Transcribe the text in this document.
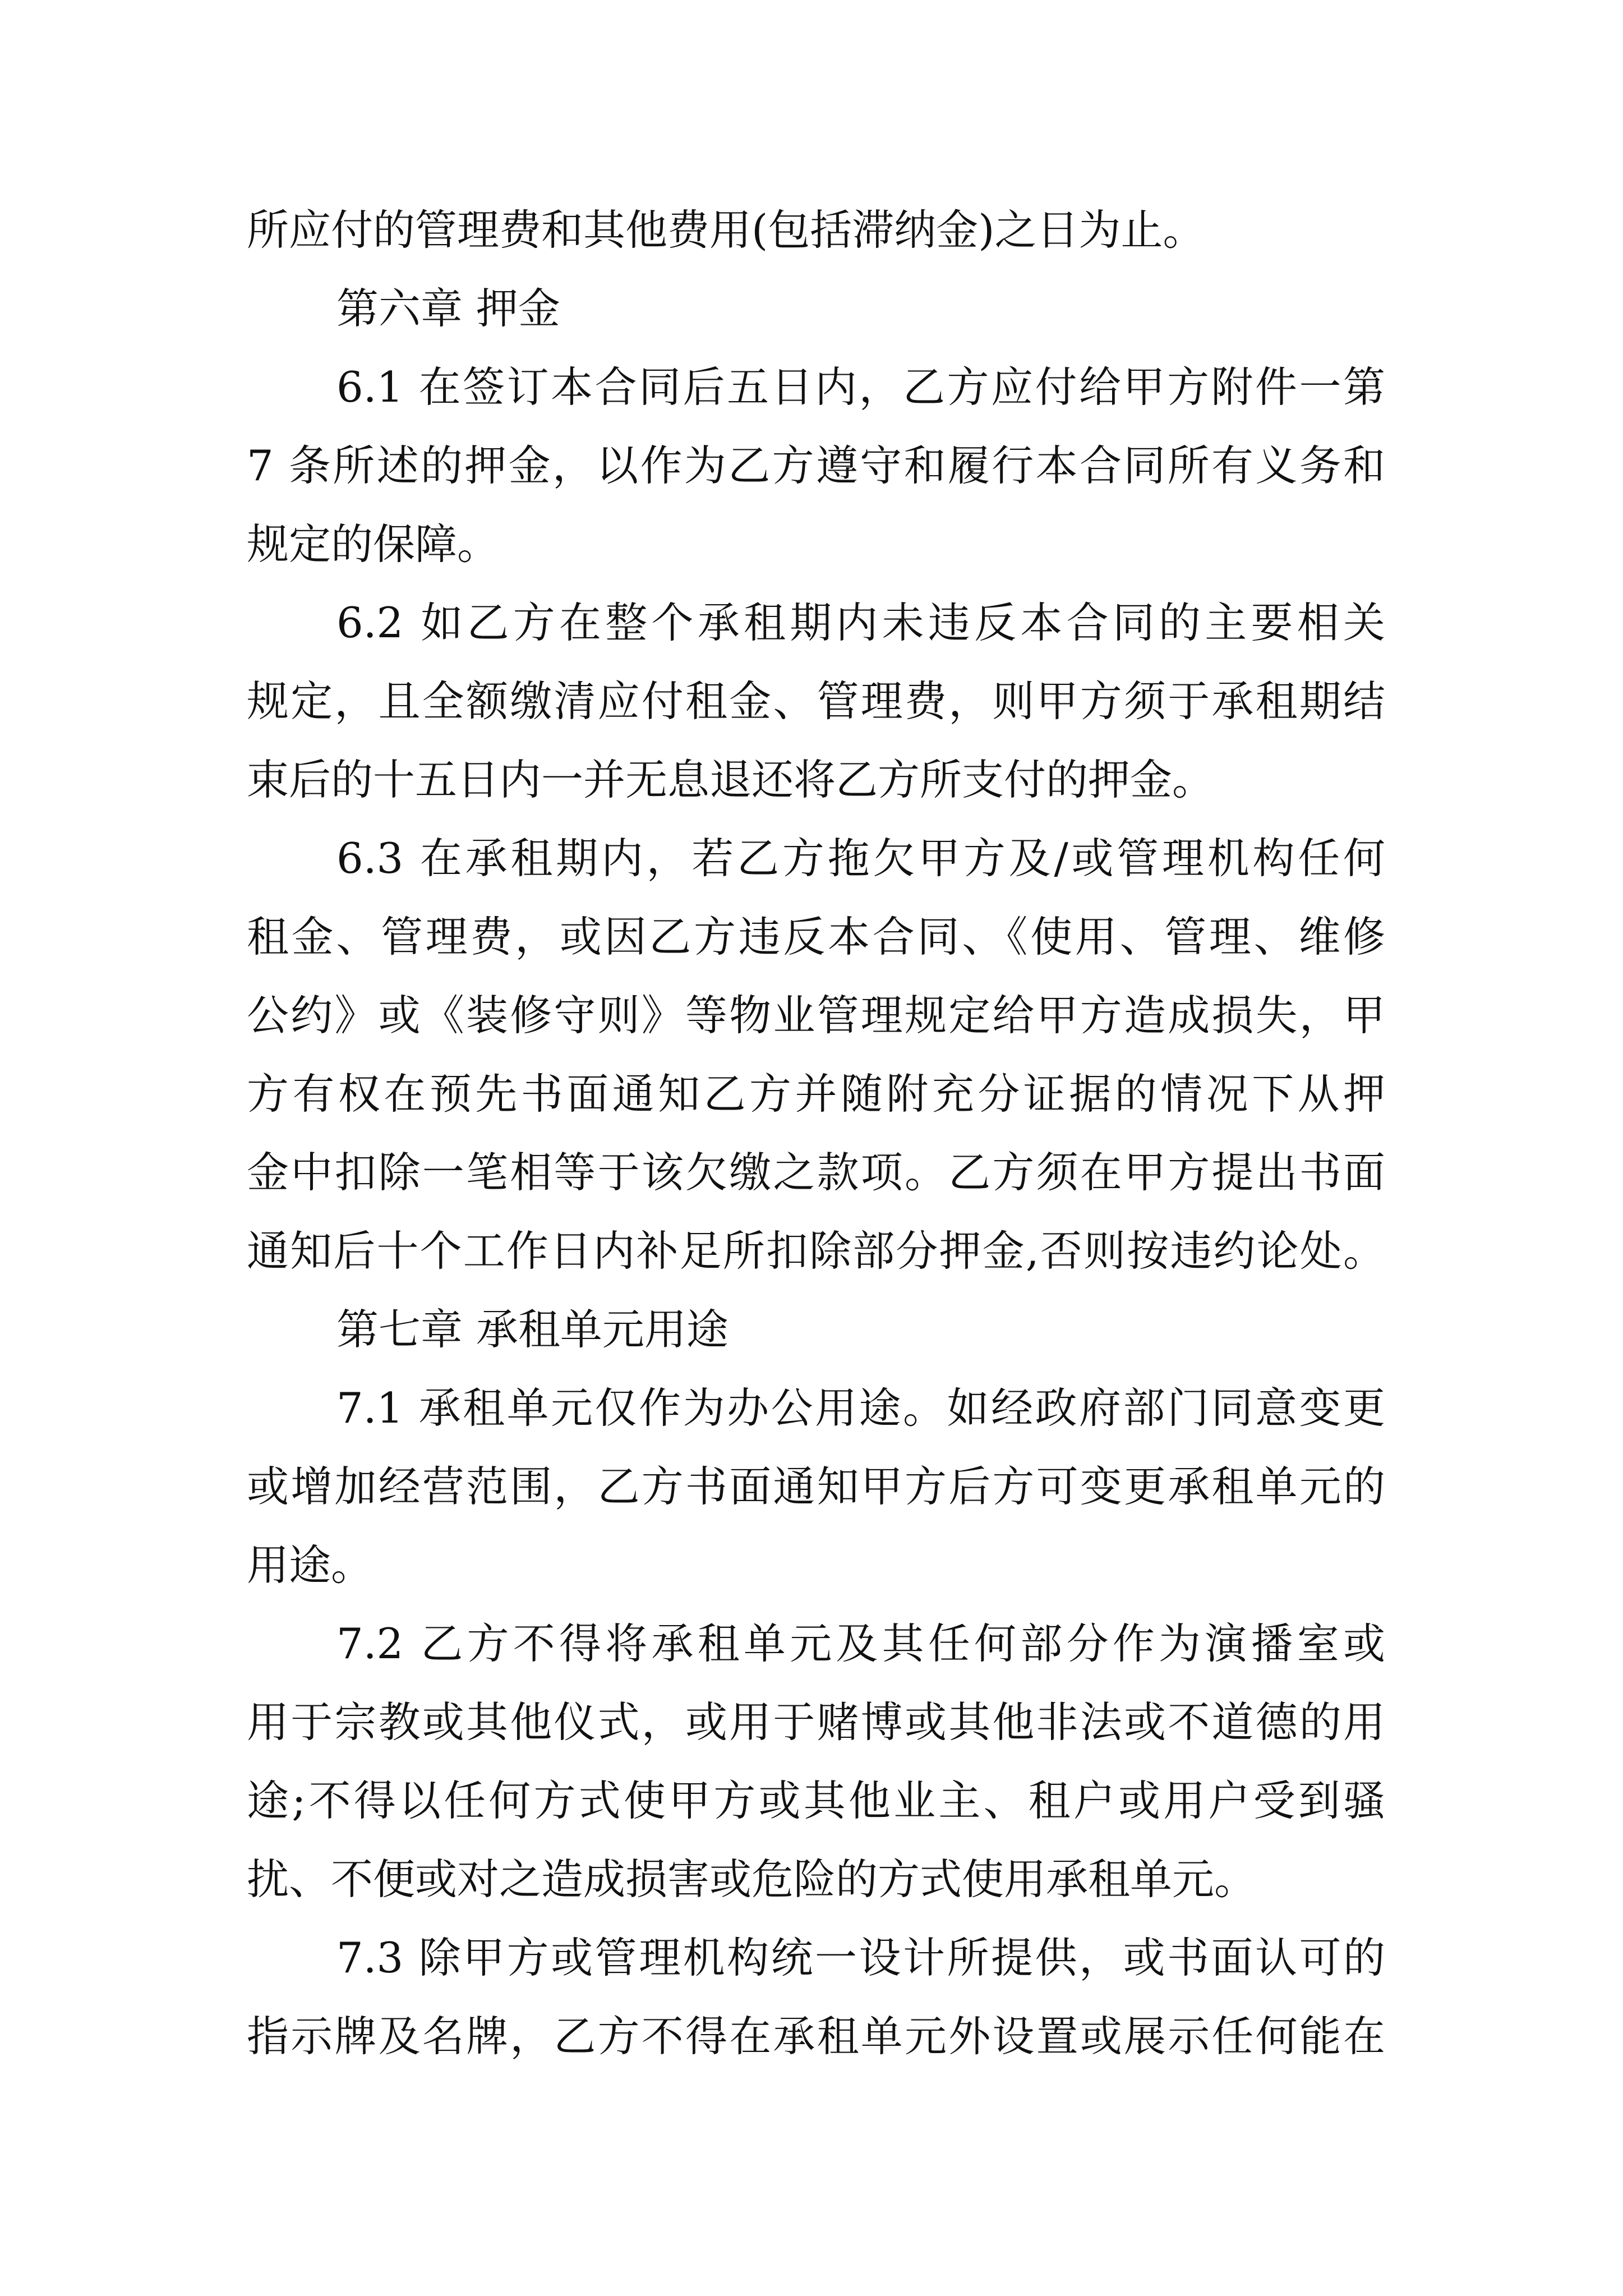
所应付的管理费和其他费用(包括滞纳金)之日为止。

第六章 押金

6.1 在签订本合同后五日内，乙方应付给甲方附件一第

7 条所述的押金，以作为乙方遵守和履行本合同所有义务和

规定的保障。

6.2 如乙方在整个承租期内未违反本合同的主要相关

规定，且全额缴清应付租金、管理费，则甲方须于承租期结

束后的十五日内一并无息退还将乙方所支付的押金。

6.3 在承租期内，若乙方拖欠甲方及/或管理机构任何

租金、管理费，或因乙方违反本合同、《使用、管理、维修

公约》或《装修守则》等物业管理规定给甲方造成损失，甲

方有权在预先书面通知乙方并随附充分证据的情况下从押

金中扣除一笔相等于该欠缴之款项。乙方须在甲方提出书面

通知后十个工作日内补足所扣除部分押金,否则按违约论处。

第七章 承租单元用途

7.1 承租单元仅作为办公用途。如经政府部门同意变更

或增加经营范围，乙方书面通知甲方后方可变更承租单元的

用途。

7.2 乙方不得将承租单元及其任何部分作为演播室或

用于宗教或其他仪式，或用于赌博或其他非法或不道德的用

途;不得以任何方式使甲方或其他业主、租户或用户受到骚

扰、不便或对之造成损害或危险的方式使用承租单元。

7.3 除甲方或管理机构统一设计所提供，或书面认可的

指示牌及名牌，乙方不得在承租单元外设置或展示任何能在
